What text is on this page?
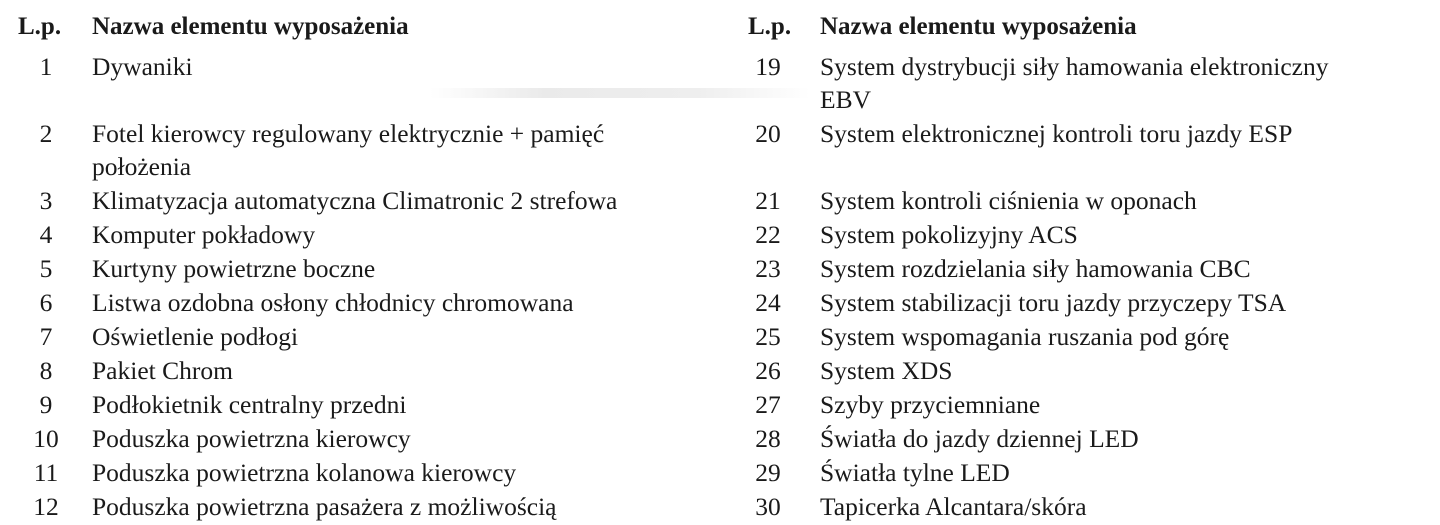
L.p. Nazwa elementu wyposażenia
1	Dywaniki
2	Fotel kierowcy regulowany elektrycznie + pamięć
położenia
3	Klimatyzacja automatyczna Climatronic 2 strefowa
4	Komputer pokładowy
5	Kurtyny powietrzne boczne
6	Listwa ozdobna osłony chłodnicy chromowana
7	Oświetlenie podłogi
8	Pakiet Chrom
9	Podłokietnik centralny przedni
10 Poduszka powietrzna kierowcy
11	Poduszka powietrzna kolanowa kierowcy
12 Poduszka powietrzna pasażera z możliwością
L.p. Nazwa elementu wyposażenia
19 System dystrybucji siły hamowania elektroniczny
EBV
20 System elektronicznej kontroli toru jazdy ESP
21 System kontroli ciśnienia w oponach
22 System pokolizyjny ACS
23 System rozdzielania siły hamowania CBC
24 System stabilizacji toru jazdy przyczepy TSA
25 System wspomagania ruszania pod górę
26 System XDS
27 Szyby przyciemniane
28 Światła do jazdy dziennej LED
29 Światła tylne LED
30 Tapicerka Alcantara/skóra
